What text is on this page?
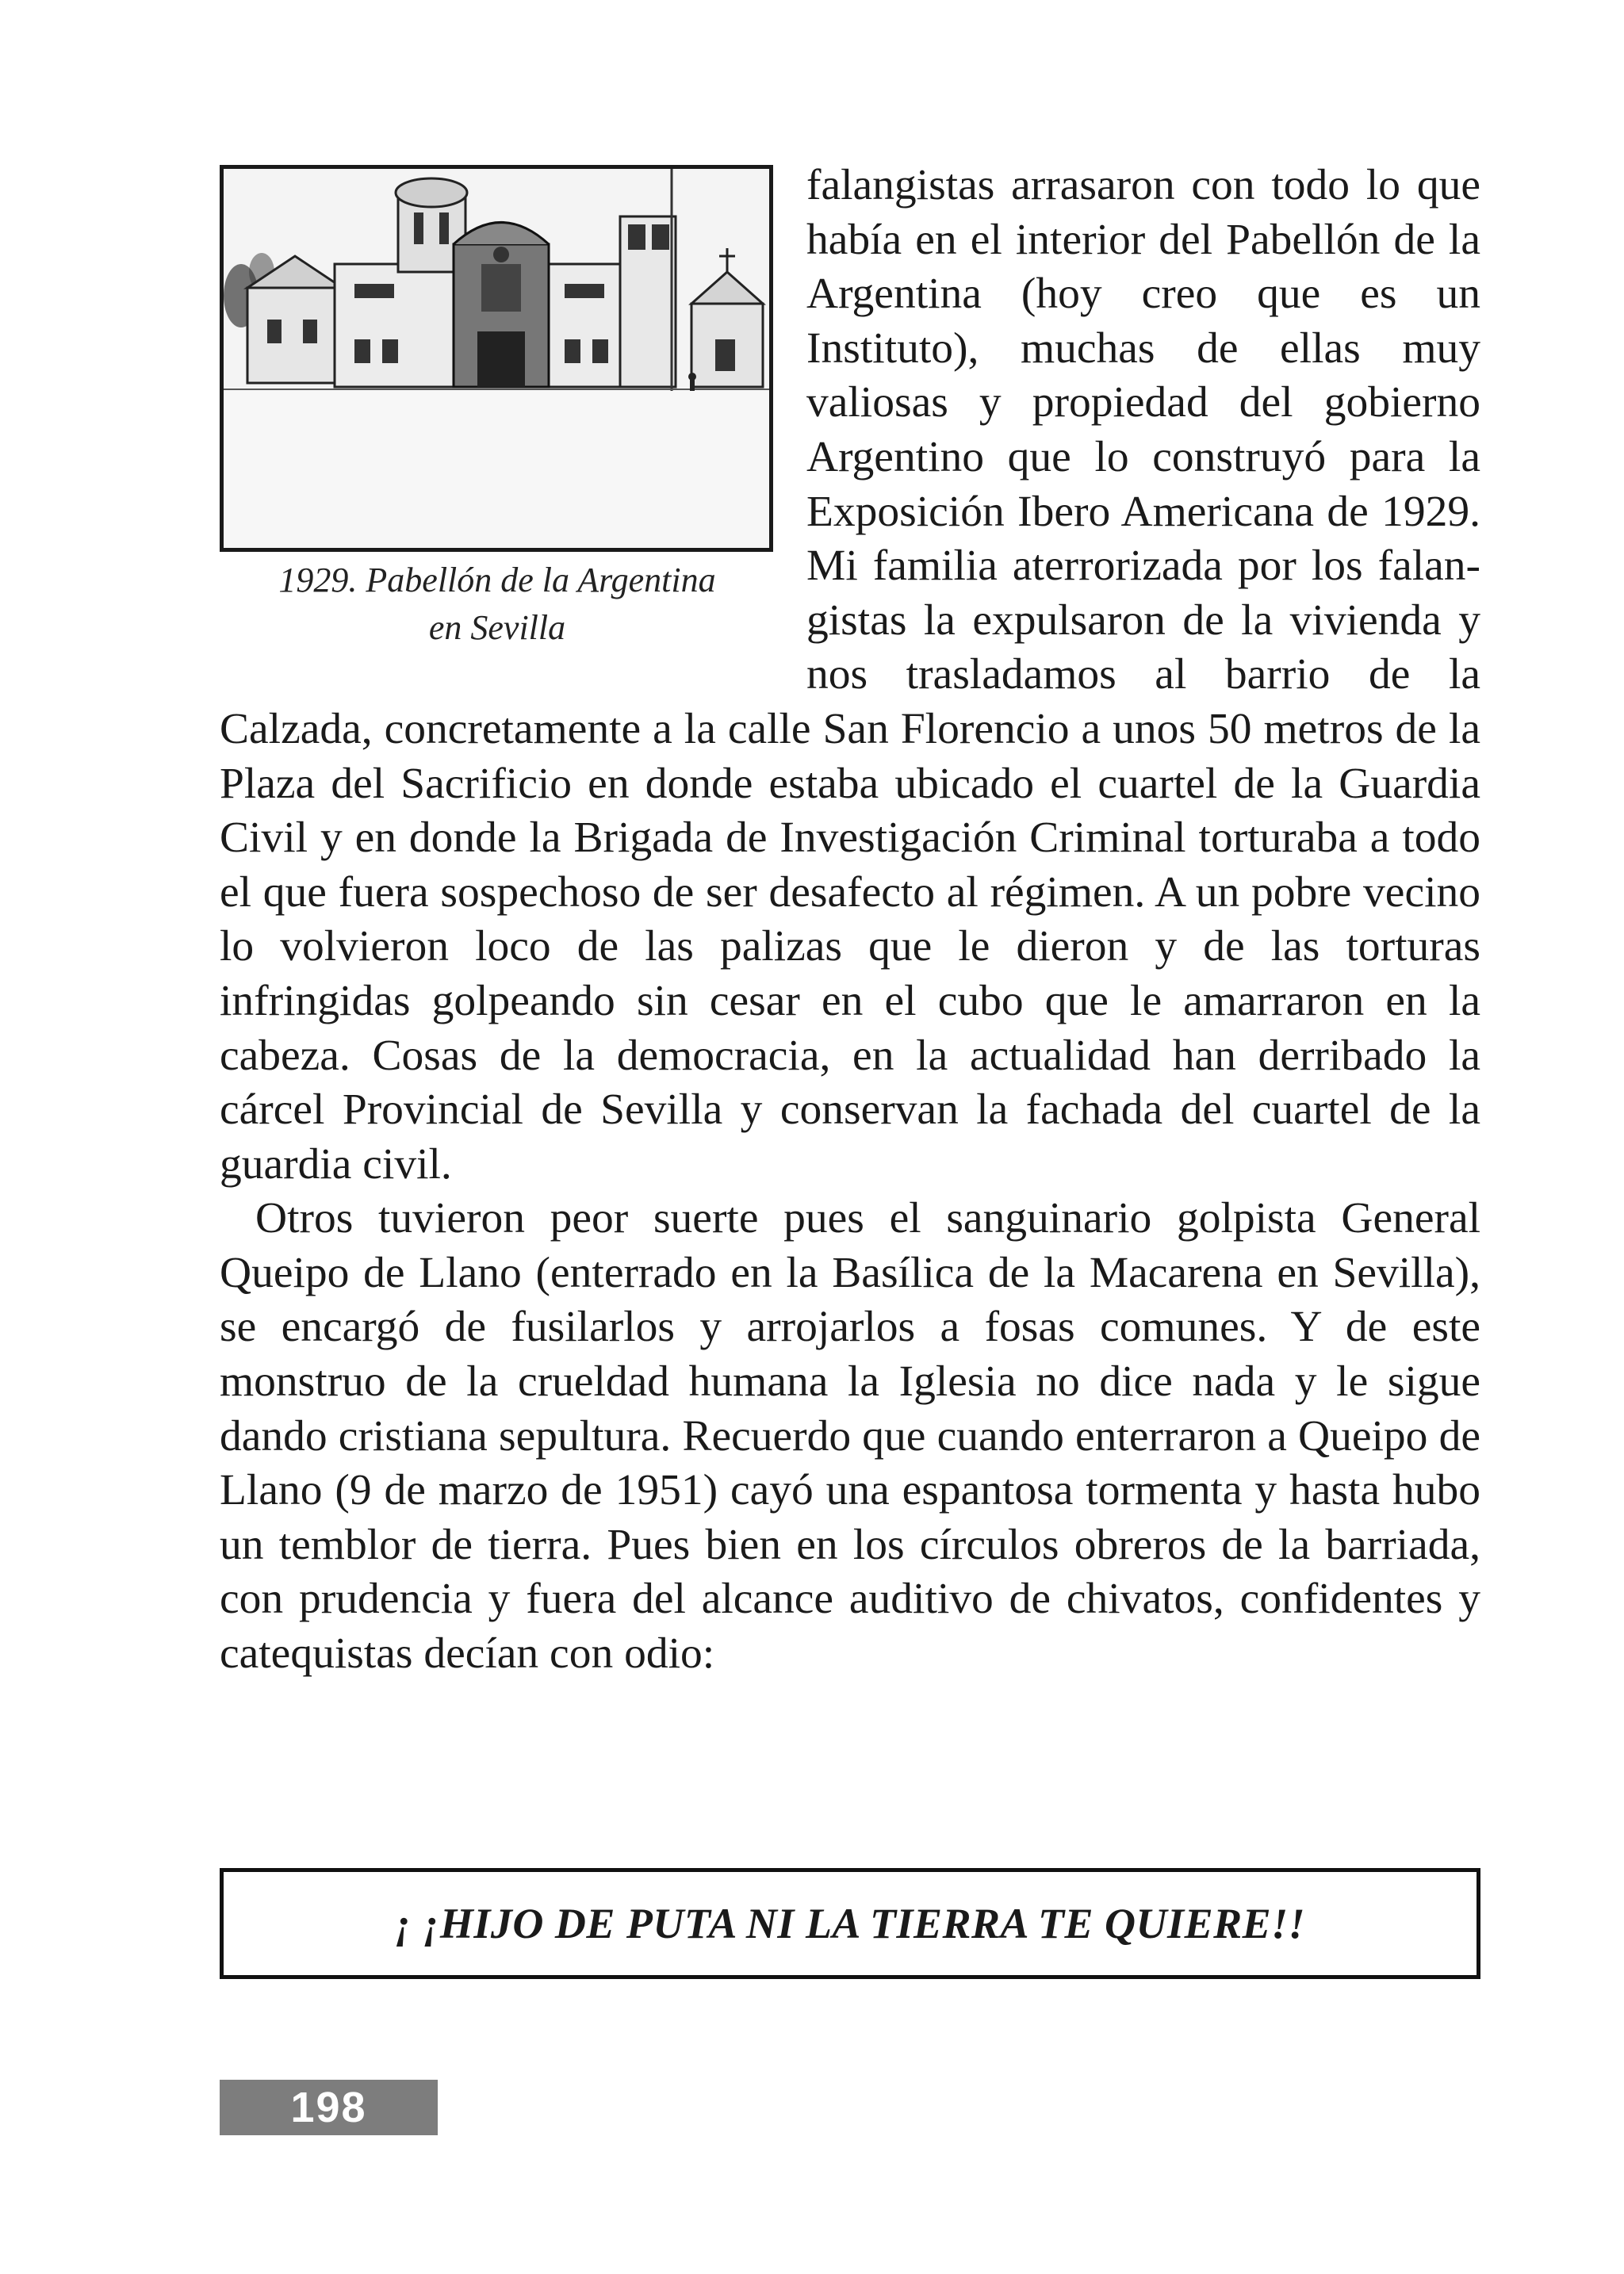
1929. Pabellón de la Argentina
en Sevilla

falangistas arrasaron con todo lo que había en el interior del Pabellón de la Argentina (hoy creo que es un Instituto), muchas de ellas muy valiosas y propiedad del gobierno Argentino que lo construyó para la Exposición Ibero Americana de 1929. Mi familia aterrorizada por los falangistas la expulsaron de la vivienda y nos trasladamos al barrio de la Calzada, concretamente a la calle San Florencio a unos 50 metros de la Plaza del Sacrificio en donde estaba ubicado el cuartel de la Guardia Civil y en donde la Brigada de Investigación Criminal torturaba a todo el que fuera sospechoso de ser desafecto al régimen. A un pobre vecino lo volvieron loco de las palizas que le dieron y de las torturas infringidas golpeando sin cesar en el cubo que le amarraron en la cabeza. Cosas de la democracia, en la actualidad han derribado la cárcel Provincial de Sevilla y conservan la fachada del cuartel de la guardia civil.

Otros tuvieron peor suerte pues el sanguinario golpista General Queipo de Llano (enterrado en la Basílica de la Macarena en Sevilla), se encargó de fusilarlos y arrojarlos a fosas comunes. Y de este monstruo de la crueldad humana la Iglesia no dice nada y le sigue dando cristiana sepultura. Recuerdo que cuando enterraron a Queipo de Llano (9 de marzo de 1951) cayó una espantosa tormenta y hasta hubo un temblor de tierra. Pues bien en los círculos obreros de la barriada, con prudencia y fuera del alcance auditivo de chivatos, confidentes y catequistas decían con odio:

¡ ¡HIJO DE PUTA NI LA TIERRA TE QUIERE!!
198
